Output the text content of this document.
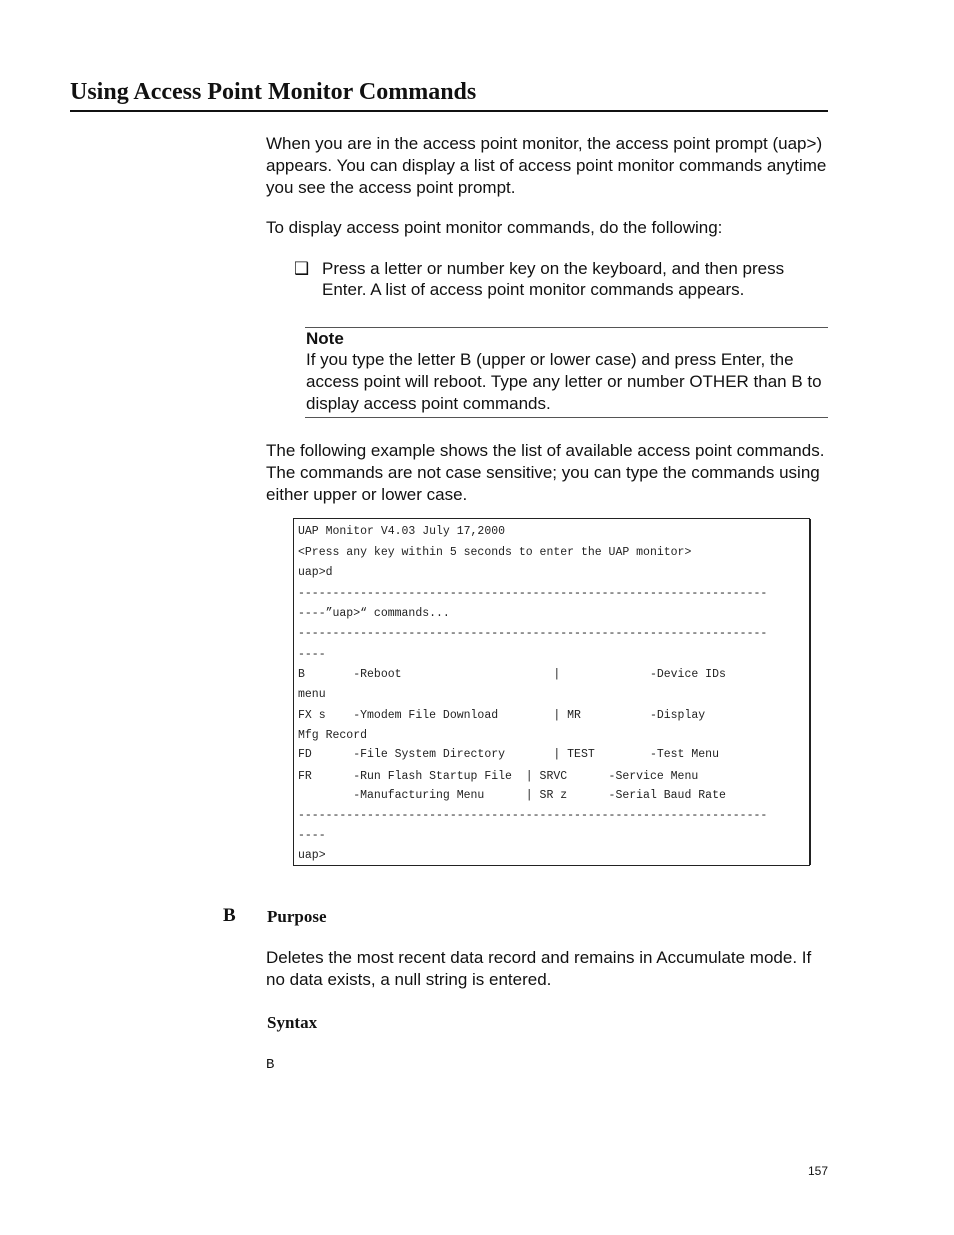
Using Access Point Monitor Commands
When you are in the access point monitor, the access point prompt (uap>) appears. You can display a list of access point monitor commands anytime you see the access point prompt.
To display access point monitor commands, do the following:
❑ Press a letter or number key on the keyboard, and then press Enter. A list of access point monitor commands appears.
Note
If you type the letter B (upper or lower case) and press Enter, the access point will reboot. Type any letter or number OTHER than B to display access point commands.
The following example shows the list of available access point commands. The commands are not case sensitive; you can type the commands using either upper or lower case.
UAP Monitor V4.03 July 17,2000
<Press any key within 5 seconds to enter the UAP monitor>
uap>d
--------------------------------------------------------------------
----”uap>“ commands...
--------------------------------------------------------------------
----
B       -Reboot                      |             -Device IDs
menu
FX s    -Ymodem File Download        | MR          -Display
Mfg Record
FD      -File System Directory       | TEST        -Test Menu
FR      -Run Flash Startup File  | SRVC      -Service Menu
-Manufacturing Menu      | SR z      -Serial Baud Rate
--------------------------------------------------------------------
----
uap>
B Purpose
Deletes the most recent data record and remains in Accumulate mode. If no data exists, a null string is entered.
Syntax
B
157
